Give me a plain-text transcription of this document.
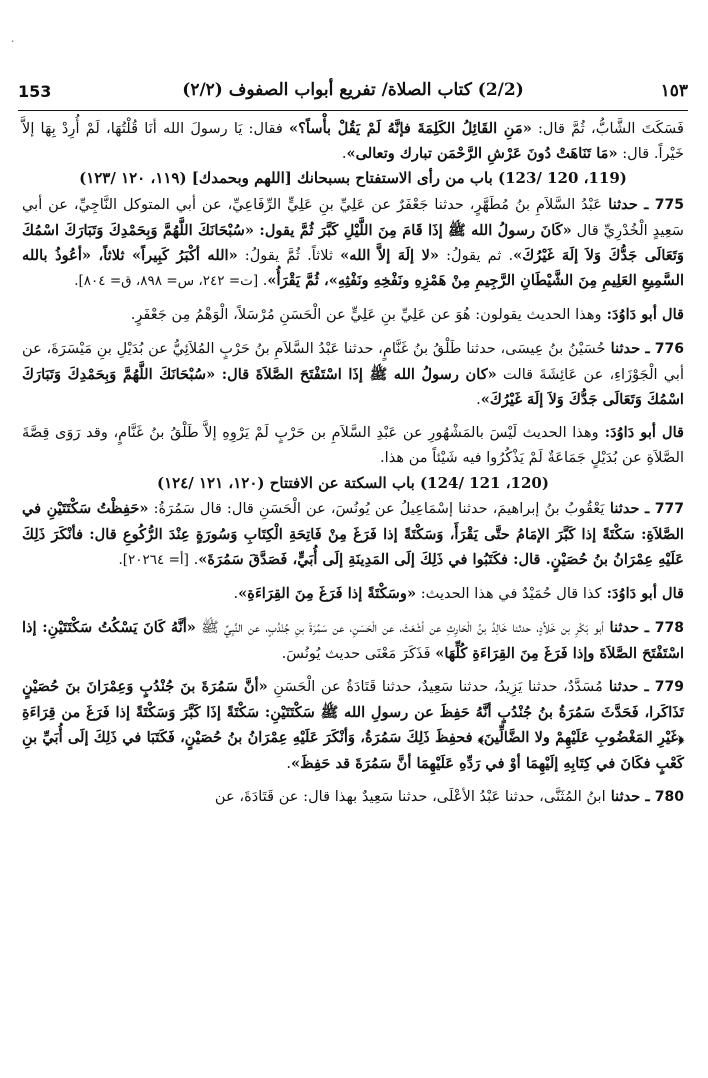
٠
153	(2/2) كتاب الصلاة/ تفريع أبواب الصفوف (٢/٢)	١٥٣

فَسَكَتَ الشَّابُّ، ثُمَّ قال: «مَنِ القَائِلُ الكَلِمَةَ فإنَّهُ لَمْ يَقُلْ بأْساً؟» فقال: يَا رسولَ الله أنَا قُلْتُهَا، لَمْ أُرِدْ بِهَا إلاَّ خَيْراً. قال: «مَا تَنَاهَتْ دُونَ عَرْشِ الرَّحْمَن تبارك وتعالى».

(119، 120 /123) باب من رأى الاستفتاح بسبحانك [اللهم وبحمدك] (١١٩، ١٢٠ /١٢٣)

775 ـ حدثنا عَبْدُ السَّلاَمِ بنُ مُطَهَّرٍ، حدثنا جَعْفَرٌ عن عَلِيِّ بنِ عَلِيٍّ الرِّفَاعِيِّ، عن أبي المتوكل النَّاجِيِّ، عن أبي سَعِيدٍ الْخُدْرِيِّ قال «كَانَ رسولُ الله ﷺ إذَا قَامَ مِنَ اللَّيْلِ كَبَّرَ ثُمَّ يقول: «سُبْحَانَكَ اللَّهُمَّ وَبِحَمْدِكَ وَتَبَارَكَ اسْمُكَ وَتَعَالَى جَدُّكَ وَلاَ إلَهَ غَيْرُكَ». ثم يقولُ: «لا إلَهَ إلاَّ الله» ثلاثاً. ثُمَّ يقولُ: «الله أكْبَرُ كَبِيراً» ثلاثاً، «أعُوذُ بالله السَّمِيعِ العَلِيمِ مِنَ الشَّيْطَانِ الرَّجِيمِ مِنْ هَمْزِهِ ونَفْخِهِ ونَفْثِهِ»، ثُمَّ يَقْرَأُ». [ت= ٢٤٢، س= ٨٩٨، ق= ٨٠٤].

قال أبو دَاوُدَ: وهذا الحديث يقولون: هُوَ عن عَلِيِّ بنِ عَلِيٍّ عن الْحَسَنِ مُرْسَلاً، الْوَهْمُ مِن جَعْفَرٍ.

776 ـ حدثنا حُسَيْنُ بنُ عِيسَى، حدثنا طَلْقُ بنُ غَنَّامٍ، حدثنا عَبْدُ السَّلاَمِ بنُ حَرْبٍ المُلاَئِيُّ عن بُدَيْلِ بنِ مَيْسَرَةَ، عن أبي الْجَوْزَاءِ، عن عَائِشَةَ قالت «كان رسولُ الله ﷺ إذَا اسْتَفْتَحَ الصَّلاَةَ قال: «سُبْحَانَكَ اللَّهُمَّ وَبِحَمْدِكَ وَتَبَارَكَ اسْمُكَ وَتَعَالَى جَدُّكَ وَلاَ إلَهَ غَيْرُكَ».

قال أبو دَاوُدَ: وهذا الحديث لَيْسَ بالمَشْهُورِ عن عَبْدِ السَّلاَمِ بن حَرْبٍ لَمْ يَرْوِهِ إلاَّ طَلْقُ بنُ غَنَّامٍ، وقد رَوَى قِصَّةَ الصَّلاَةِ عن بُدَيْلٍ جَمَاعَةٌ لَمْ يَذْكُرُوا فيه شَيْئاً من هذا.

(120، 121 /124) باب السكتة عن الافتتاح (١٢٠، ١٢١ /١٢٤)

777 ـ حدثنا يَعْقُوبُ بنُ إبراهيمَ، حدثنا إسْمَاعِيلُ عن يُونُسَ، عن الْحَسَنِ قال: قال سَمُرَةُ: «حَفِظْتُ سَكْتَتَيْنِ في الصَّلاَةِ: سَكْتَةً إذا كَبَّرَ الإمَامُ حتَّى يَقْرَأَ، وَسَكْتَةً إذا فَرَغَ مِنْ فَاتِحَةِ الْكِتَابِ وَسُورَةٍ عِنْدَ الرُّكُوعِ قال: فأنْكَرَ ذَلِكَ عَلَيْهِ عِمْرَانُ بنُ حُصَيْنٍ. قال: فكَتَبُوا في ذَلِكَ إلَى المَدِينَةِ إلَى أُبَيٍّ، فَصَدَّقَ سَمُرَةَ». [أ= ٢٠٢٦٤].

قال أبو دَاوُدَ: كذا قال حُمَيْدٌ في هذا الحديث: «وسَكْتَةً إذا فَرَغَ مِنَ القِرَاءَةِ».

778 ـ حدثنا أبو بَكْرِ بن خَلاَّدٍ، حدثنا خَالِدُ بنُ الْحَارِثِ عن أشْعَثَ، عن الْحَسَنِ، عن سَمُرَةَ بنِ جُنْدُبٍ، عن النَّبِيِّ ﷺ «أنَّهُ كَانَ يَسْكُتُ سَكْتَتَيْنِ: إذا اسْتَفْتَحَ الصَّلاَةَ وإذا فَرَغَ مِنَ القِرَاءَةِ كُلِّهَا» فَذَكَرَ مَعْنَى حديث يُونُسَ.

779 ـ حدثنا مُسَدَّدٌ، حدثنا يَزِيدُ، حدثنا سَعِيدٌ، حدثنا قَتَادَةُ عن الْحَسَنِ «أنَّ سَمُرَةَ بنَ جُنْدُبٍ وَعِمْرَانَ بنَ حُصَيْنٍ تَذَاكَرا، فَحَدَّثَ سَمُرَةُ بنُ جُنْدُبٍ أنَّهُ حَفِظَ عن رسولِ الله ﷺ سَكْتَتَيْنِ: سَكْتَةً إذَا كَبَّرَ وَسَكْتَةً إذا فَرَغَ من قِرَاءَةِ ﴿غَيْرِ المَغْضُوبِ عَلَيْهِمْ ولا الضَّالِّينَ﴾ فحفِظَ ذَلِكَ سَمُرَةُ، وَأنْكَرَ عَلَيْهِ عِمْرَانُ بنُ حُصَيْنٍ، فَكَتَبَا في ذَلِكَ إلَى أُبَيِّ بنِ كَعْبٍ فكَانَ في كِتَابِهِ إلَيْهِمَا أوْ في رَدِّهِ عَلَيْهِمَا أنَّ سَمُرَةَ قد حَفِظَ».

780 ـ حدثنا ابنُ المُثَنَّى، حدثنا عَبْدُ الأعْلَى، حدثنا سَعِيدٌ بهذا قال: عن قَتَادَةَ، عن
